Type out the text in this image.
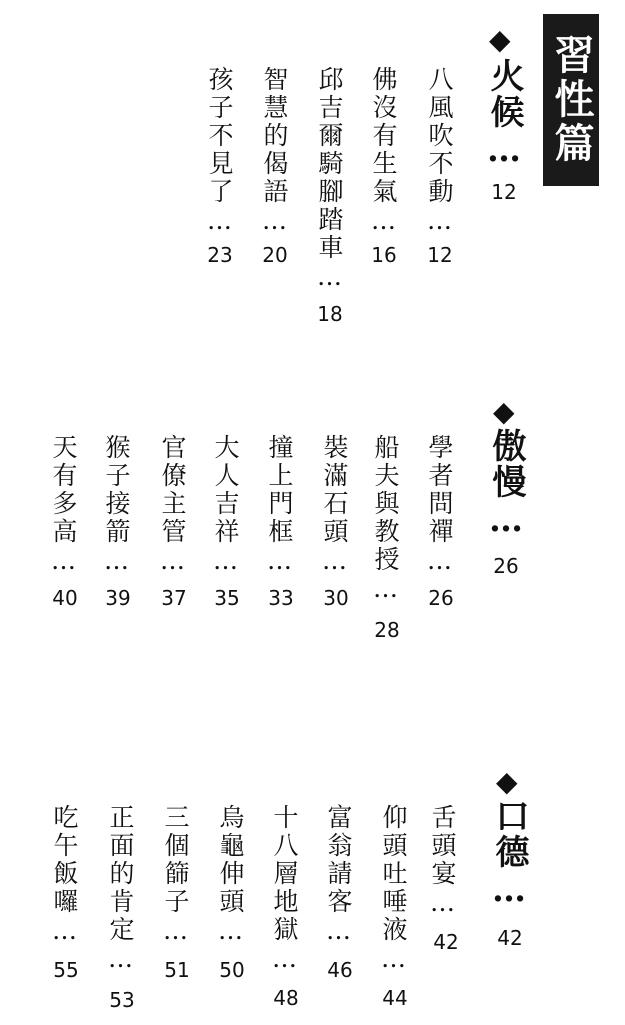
習性篇
◆
火候…
12
八風吹不動…
12
佛沒有生氣…
16
邱吉爾騎腳踏車…
18
智慧的偈語…
20
孩子不見了…
23
◆
傲慢…
26
學者問禪…
26
船夫與教授…
28
裝滿石頭…
30
撞上門框…
33
大人吉祥…
35
官僚主管…
37
猴子接箭…
39
天有多高…
40
◆
口德…
42
舌頭宴…
42
仰頭吐唾液…
44
富翁請客…
46
十八層地獄…
48
烏龜伸頭…
50
三個篩子…
51
正面的肯定…
53
吃午飯囉…
55
